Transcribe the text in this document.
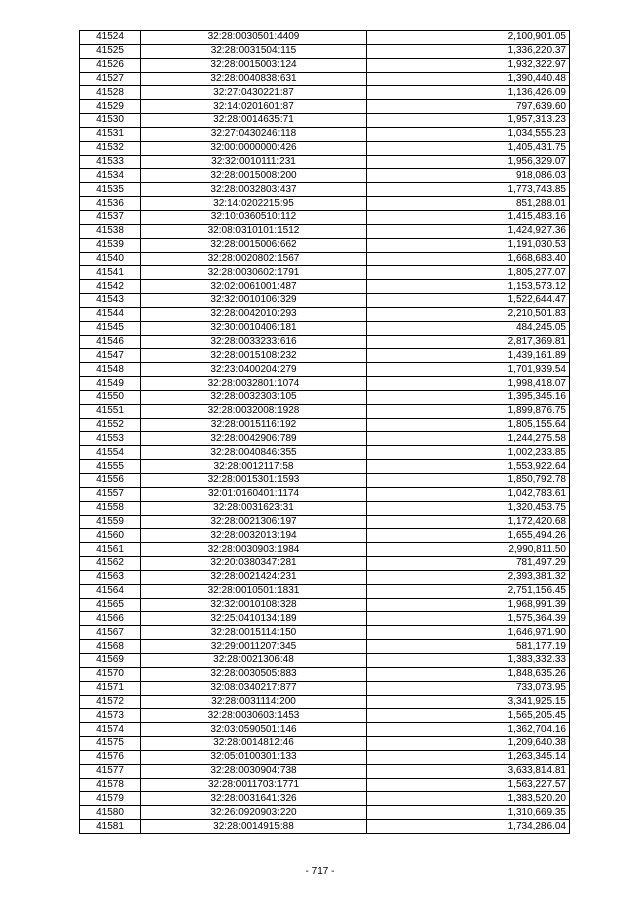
41524	32:28:0030501:4409	2,100,901.05
41525	32:28:0031504:115	1,336,220.37
41526	32:28:0015003:124	1,932,322.97
41527	32:28:0040838:631	1,390,440.48
41528	32:27:0430221:87	1,136,426.09
41529	32:14:0201601:87	797,639.60
41530	32:28:0014635:71	1,957,313.23
41531	32:27:0430246:118	1,034,555.23
41532	32:00:0000000:426	1,405,431.75
41533	32:32:0010111:231	1,956,329.07
41534	32:28:0015008:200	918,086.03
41535	32:28:0032803:437	1,773,743.85
41536	32:14:0202215:95	851,288.01
41537	32:10:0360510:112	1,415,483.16
41538	32:08:0310101:1512	1,424,927.36
41539	32:28:0015006:662	1,191,030.53
41540	32:28:0020802:1567	1,668,683.40
41541	32:28:0030602:1791	1,805,277.07
41542	32:02:0061001:487	1,153,573.12
41543	32:32:0010106:329	1,522,644.47
41544	32:28:0042010:293	2,210,501.83
41545	32:30:0010406:181	484,245.05
41546	32:28:0033233:616	2,817,369.81
41547	32:28:0015108:232	1,439,161.89
41548	32:23:0400204:279	1,701,939.54
41549	32:28:0032801:1074	1,998,418.07
41550	32:28:0032303:105	1,395,345.16
41551	32:28:0032008:1928	1,899,876.75
41552	32:28:0015116:192	1,805,155.64
41553	32:28:0042906:789	1,244,275.58
41554	32:28:0040846:355	1,002,233.85
41555	32:28:0012117:58	1,553,922.64
41556	32:28:0015301:1593	1,850,792.78
41557	32:01:0160401:1174	1,042,783.61
41558	32:28:0031623:31	1,320,453.75
41559	32:28:0021306:197	1,172,420.68
41560	32:28:0032013:194	1,655,494.26
41561	32:28:0030903:1984	2,990,811.50
41562	32:20:0380347:281	781,497.29
41563	32:28:0021424:231	2,393,381.32
41564	32:28:0010501:1831	2,751,156.45
41565	32:32:0010108:328	1,968,991.39
41566	32:25:0410134:189	1,575,364.39
41567	32:28:0015114:150	1,646,971.90
41568	32:29:0011207:345	581,177.19
41569	32:28:0021306:48	1,383,332.33
41570	32:28:0030505:883	1,848,635.26
41571	32:08:0340217:877	733,073.95
41572	32:28:0031114:200	3,341,925.15
41573	32:28:0030603:1453	1,565,205.45
41574	32:03:0590501:146	1,362,704.16
41575	32:28:0014812:46	1,209,640.38
41576	32:05:0100301:133	1,263,345.14
41577	32:28:0030904:738	3,633,814.81
41578	32:28:0011703:1771	1,563,227.57
41579	32:28:0031641:326	1,383,520.20
41580	32:26:0920903:220	1,310,669.35
41581	32:28:0014915:88	1,734,286.04
- 717 -
